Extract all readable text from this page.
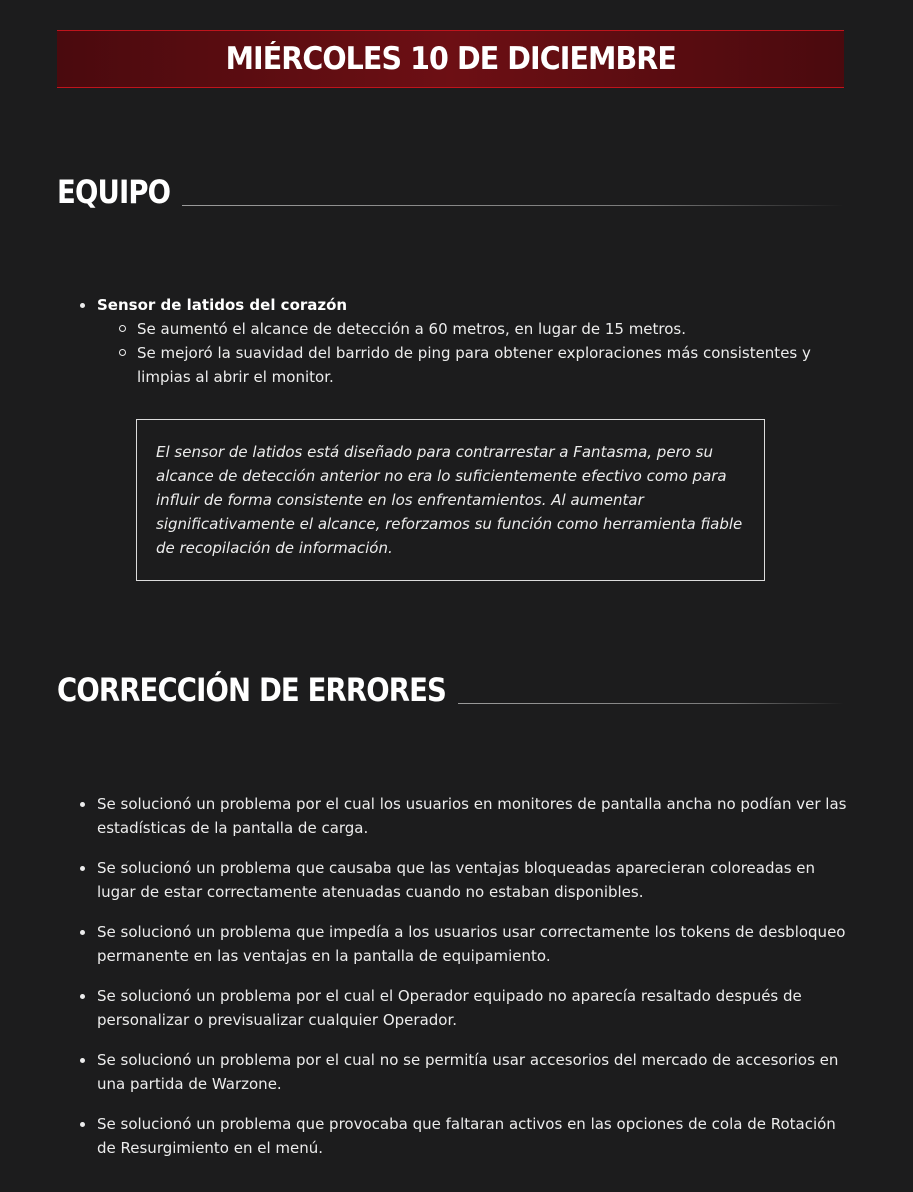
MIÉRCOLES 10 DE DICIEMBRE
EQUIPO
Sensor de latidos del corazón
Se aumentó el alcance de detección a 60 metros, en lugar de 15 metros.
Se mejoró la suavidad del barrido de ping para obtener exploraciones más consistentes y limpias al abrir el monitor.
El sensor de latidos está diseñado para contrarrestar a Fantasma, pero su alcance de detección anterior no era lo suficientemente efectivo como para influir de forma consistente en los enfrentamientos. Al aumentar significativamente el alcance, reforzamos su función como herramienta fiable de recopilación de información.
CORRECCIÓN DE ERRORES
Se solucionó un problema por el cual los usuarios en monitores de pantalla ancha no podían ver las estadísticas de la pantalla de carga.
Se solucionó un problema que causaba que las ventajas bloqueadas aparecieran coloreadas en lugar de estar correctamente atenuadas cuando no estaban disponibles.
Se solucionó un problema que impedía a los usuarios usar correctamente los tokens de desbloqueo permanente en las ventajas en la pantalla de equipamiento.
Se solucionó un problema por el cual el Operador equipado no aparecía resaltado después de personalizar o previsualizar cualquier Operador.
Se solucionó un problema por el cual no se permitía usar accesorios del mercado de accesorios en una partida de Warzone.
Se solucionó un problema que provocaba que faltaran activos en las opciones de cola de Rotación de Resurgimiento en el menú.
